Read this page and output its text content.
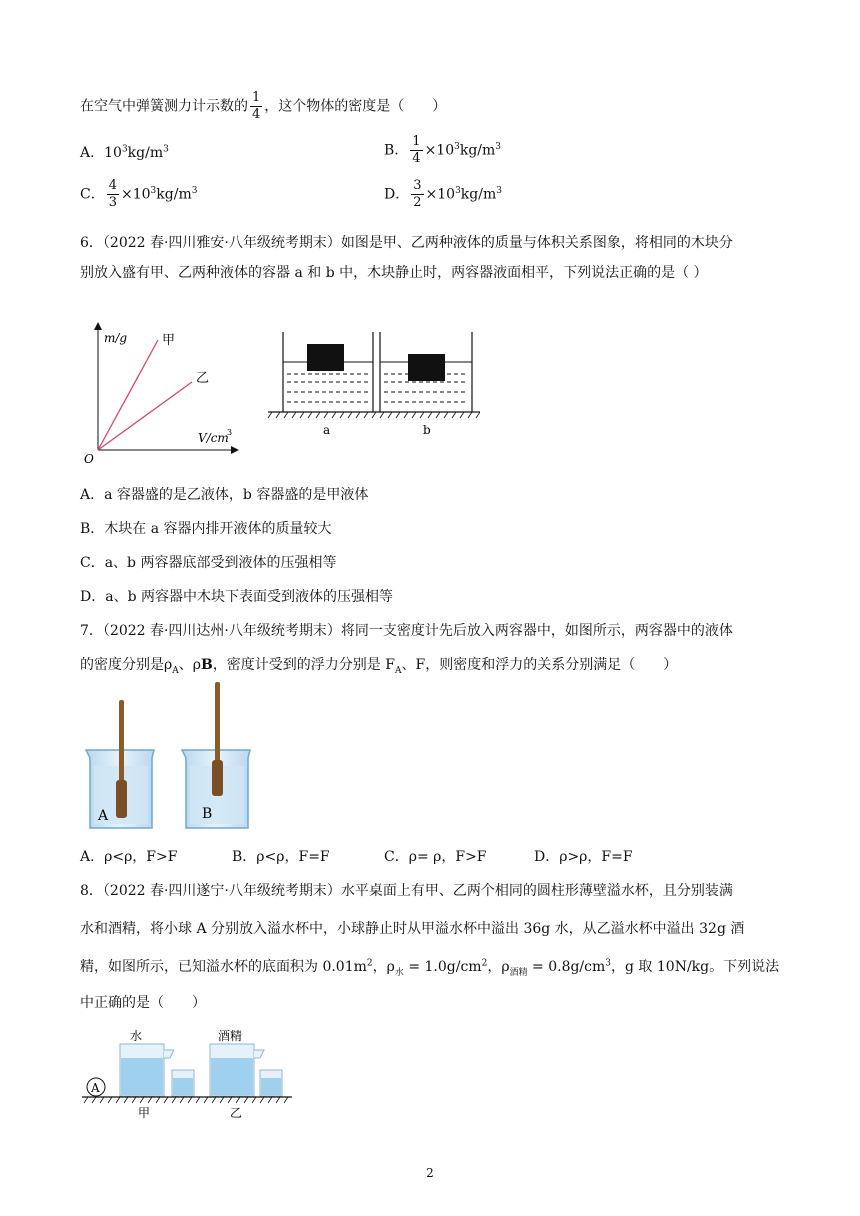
在空气中弹簧测力计示数的 $\frac{1}{4}$ ，这个物体的密度是（　　）
A．$10^3kg/m^3$	B． $\frac{1}{4} \times 10^3kg/m^3$
C． $\frac{4}{3} \times 10^3kg/m^3$	D． $\frac{3}{2} \times 10^3kg/m^3$
6．（2022 春·四川雅安·八年级统考期末）如图是甲、乙两种液体的质量与体积关系图象，将相同的木块分
别放入盛有甲、乙两种液体的容器 a 和 b 中，木块静止时，两容器液面相平，下列说法正确的是（ ）
m/g
V/cm
3
O
甲
乙
a	b
A．a 容器盛的是乙液体，b 容器盛的是甲液体
B．木块在 a 容器内排开液体的质量较大
C．a、b 两容器底部受到液体的压强相等
D．a、b 两容器中木块下表面受到液体的压强相等
7．（2022 春·四川达州·八年级统考期末）将同一支密度计先后放入两容器中，如图所示，两容器中的液体
的密度分别是$\rho_A$、ρB，密度计受到的浮力分别是 $F_A$、F，则密度和浮力的关系分别满足（　　）
A	B
A．ρ<ρ，F>F	B．ρ<ρ，F=F	C．ρ= ρ，F>F	D．ρ>ρ，F=F
8．（2022 春·四川遂宁·八年级统考期末）水平桌面上有甲、乙两个相同的圆柱形薄壁溢水杯，且分别装满
水和酒精，将小球 A 分别放入溢水杯中，小球静止时从甲溢水杯中溢出 36g 水，从乙溢水杯中溢出 32g 酒
精，如图所示，已知溢水杯的底面积为 $0.01m^2$，$\rho_水 = 1.0g/cm^2$，$\rho_{酒精} = 0.8g/cm^3$，g 取 10N/kg。下列说法
中正确的是（　　）
水	酒精
A
甲	乙
2
